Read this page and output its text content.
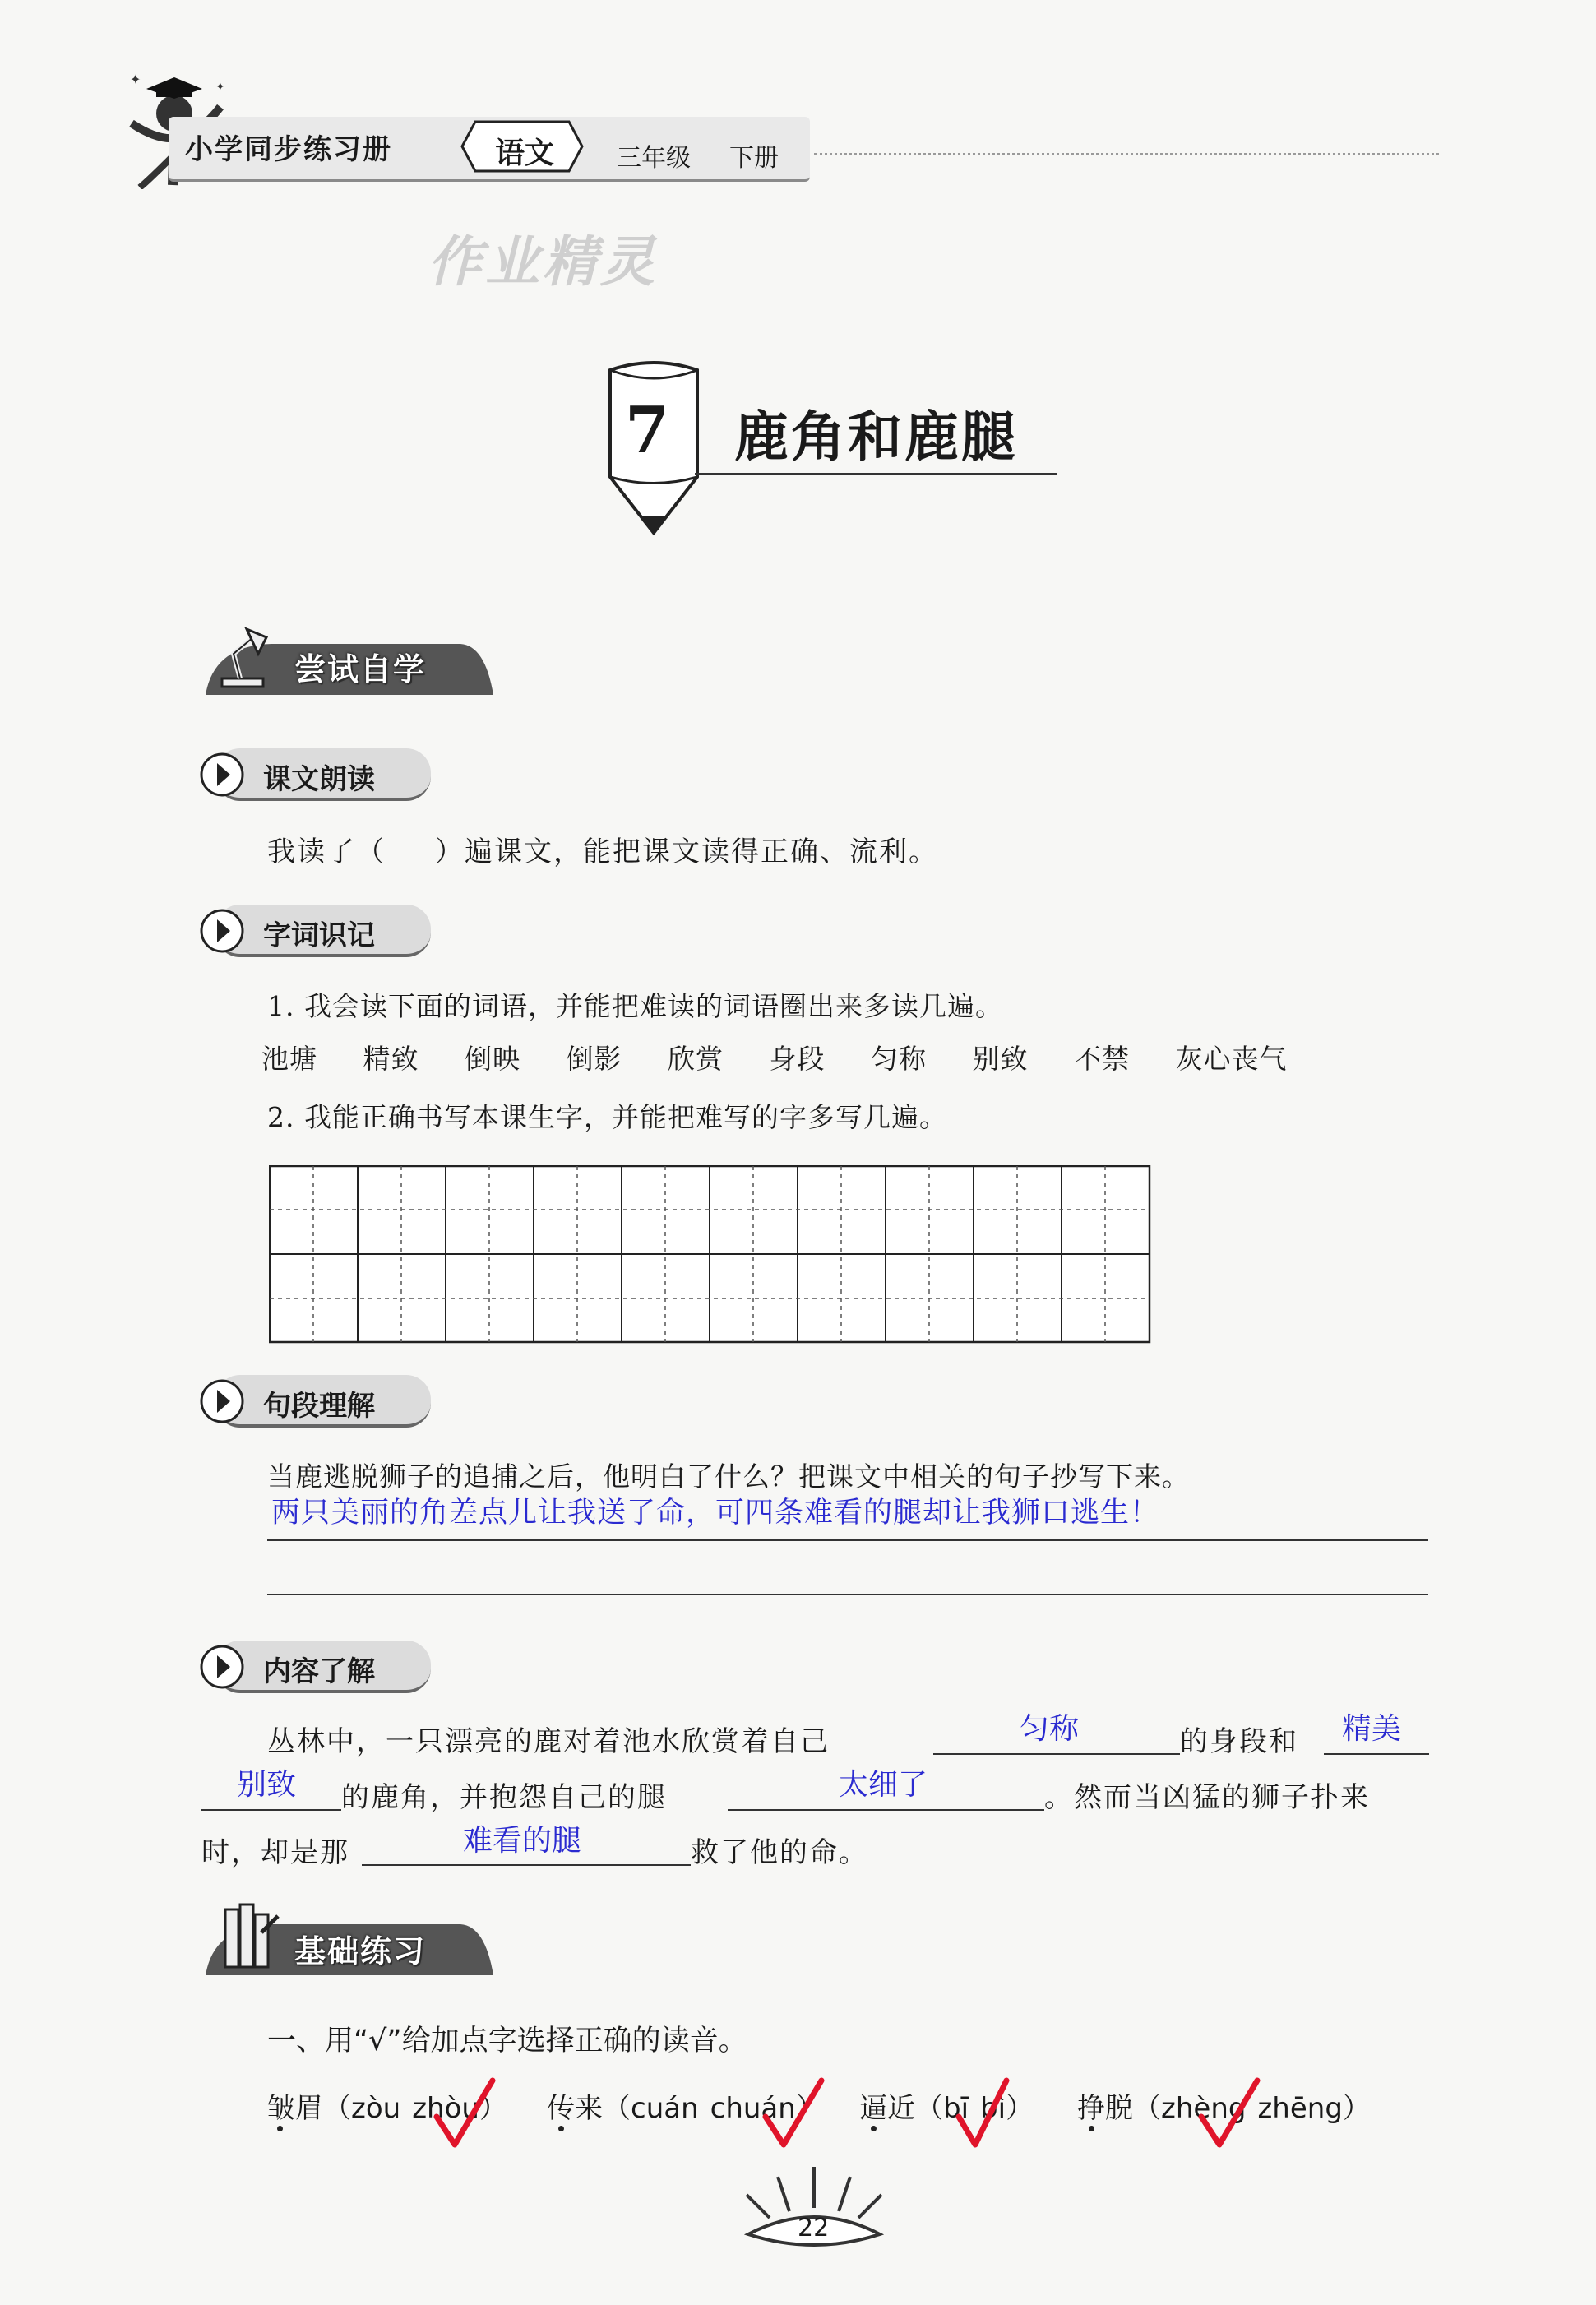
✦	✦
小学同步练习册	语文	三年级 下册
作业精灵
7 鹿角和鹿腿
尝试自学
课文朗读
我读了（ ）遍课文，能把课文读得正确、流利。
字词识记
1. 我会读下面的词语，并能把难读的词语圈出来多读几遍。
池塘 精致 倒映 倒影 欣赏 身段 匀称 别致 不禁 灰心丧气
2. 我能正确书写本课生字，并能把难写的字多写几遍。
句段理解
当鹿逃脱狮子的追捕之后，他明白了什么？把课文中相关的句子抄写下来。
两只美丽的角差点儿让我送了命，可四条难看的腿却让我狮口逃生！
内容了解
丛林中，一只漂亮的鹿对着池水欣赏着自己	匀称	的身段和 精美
别致 的鹿角，并抱怨自己的腿	太细了	。然而当凶猛的狮子扑来
时，却是那	难看的腿	救了他的命。
基础练习
一、用“√”给加点字选择正确的读音。
皱眉（zòu zhòu） 传来（cuán chuán） 逼近（bī bì） 挣脱（zhèng zhēng）
22
